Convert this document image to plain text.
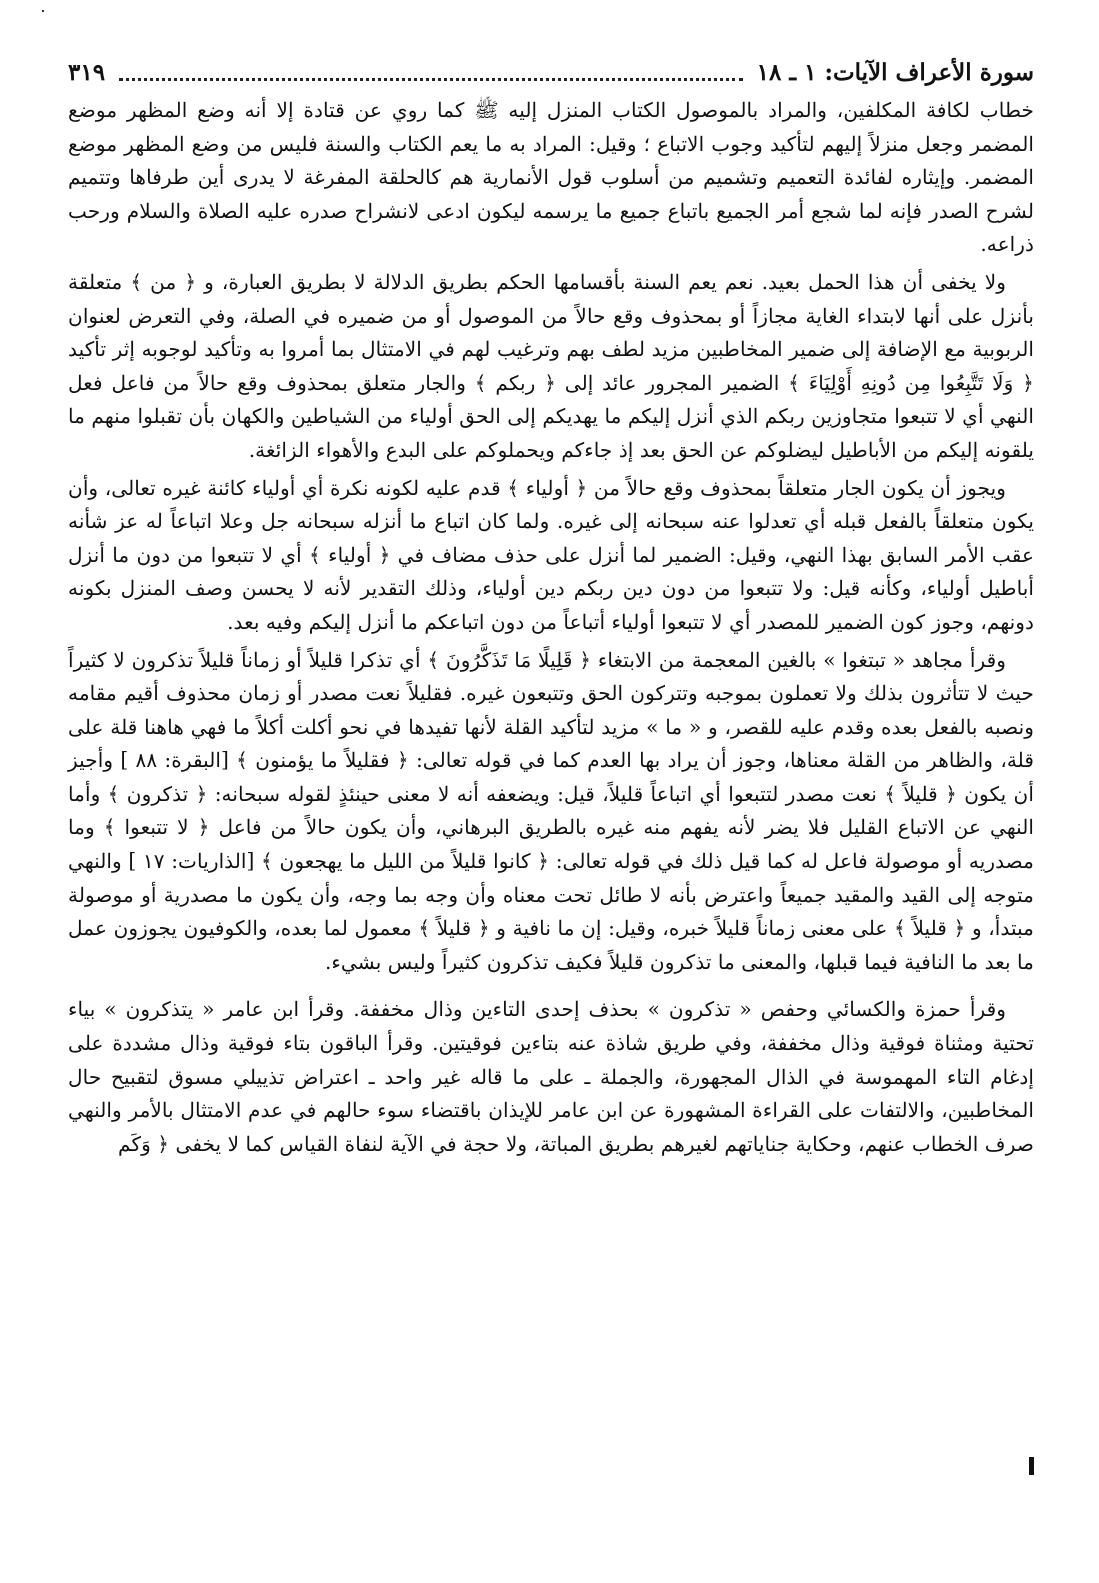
سورة الأعراف الآيات: ١ ـ ١٨
٣١٩

خطاب لكافة المكلفين، والمراد بالموصول الكتاب المنزل إليه ﷺ كما روي عن قتادة إلا أنه وضع المظهر موضع المضمر وجعل منزلاً إليهم لتأكيد وجوب الاتباع ؛ وقيل: المراد به ما يعم الكتاب والسنة فليس من وضع المظهر موضع المضمر. وإيثاره لفائدة التعميم وتشميم من أسلوب قول الأنمارية هم كالحلقة المفرغة لا يدرى أين طرفاها وتتميم لشرح الصدر فإنه لما شجع أمر الجميع باتباع جميع ما يرسمه ليكون ادعى لانشراح صدره عليه الصلاة والسلام ورحب ذراعه.

ولا يخفى أن هذا الحمل بعيد. نعم يعم السنة بأقسامها الحكم بطريق الدلالة لا بطريق العبارة، و ﴿ من ﴾ متعلقة بأنزل على أنها لابتداء الغاية مجازاً أو بمحذوف وقع حالاً من الموصول أو من ضميره في الصلة، وفي التعرض لعنوان الربوبية مع الإضافة إلى ضمير المخاطبين مزيد لطف بهم وترغيب لهم في الامتثال بما أمروا به وتأكيد لوجوبه إثر تأكيد ﴿ وَلَا تَتَّبِعُوا مِن دُونِهِ أَوْلِيَاءَ ﴾ الضمير المجرور عائد إلى ﴿ ربكم ﴾ والجار متعلق بمحذوف وقع حالاً من فاعل فعل النهي أي لا تتبعوا متجاوزين ربكم الذي أنزل إليكم ما يهديكم إلى الحق أولياء من الشياطين والكهان بأن تقبلوا منهم ما يلقونه إليكم من الأباطيل ليضلوكم عن الحق بعد إذ جاءكم ويحملوكم على البدع والأهواء الزائغة.

ويجوز أن يكون الجار متعلقاً بمحذوف وقع حالاً من ﴿ أولياء ﴾ قدم عليه لكونه نكرة أي أولياء كائنة غيره تعالى، وأن يكون متعلقاً بالفعل قبله أي تعدلوا عنه سبحانه إلى غيره. ولما كان اتباع ما أنزله سبحانه جل وعلا اتباعاً له عز شأنه عقب الأمر السابق بهذا النهي، وقيل: الضمير لما أنزل على حذف مضاف في ﴿ أولياء ﴾ أي لا تتبعوا من دون ما أنزل أباطيل أولياء، وكأنه قيل: ولا تتبعوا من دون دين ربكم دين أولياء، وذلك التقدير لأنه لا يحسن وصف المنزل بكونه دونهم، وجوز كون الضمير للمصدر أي لا تتبعوا أولياء أتباعاً من دون اتباعكم ما أنزل إليكم وفيه بعد.

وقرأ مجاهد « تبتغوا » بالغين المعجمة من الابتغاء ﴿ قَلِيلًا مَا تَذَكَّرُونَ ﴾ أي تذكرا قليلاً أو زماناً قليلاً تذكرون لا كثيراً حيث لا تتأثرون بذلك ولا تعملون بموجبه وتتركون الحق وتتبعون غيره. فقليلاً نعت مصدر أو زمان محذوف أقيم مقامه ونصبه بالفعل بعده وقدم عليه للقصر، و « ما » مزيد لتأكيد القلة لأنها تفيدها في نحو أكلت أكلاً ما فهي هاهنا قلة على قلة، والظاهر من القلة معناها، وجوز أن يراد بها العدم كما في قوله تعالى: ﴿ فقليلاً ما يؤمنون ﴾ [البقرة: ٨٨ ] وأجيز أن يكون ﴿ قليلاً ﴾ نعت مصدر لتتبعوا أي اتباعاً قليلاً، قيل: ويضعفه أنه لا معنى حينئذٍ لقوله سبحانه: ﴿ تذكرون ﴾ وأما النهي عن الاتباع القليل فلا يضر لأنه يفهم منه غيره بالطريق البرهاني، وأن يكون حالاً من فاعل ﴿ لا تتبعوا ﴾ وما مصدريه أو موصولة فاعل له كما قيل ذلك في قوله تعالى: ﴿ كانوا قليلاً من الليل ما يهجعون ﴾ [الذاريات: ١٧ ] والنهي متوجه إلى القيد والمقيد جميعاً واعترض بأنه لا طائل تحت معناه وأن وجه بما وجه، وأن يكون ما مصدرية أو موصولة مبتدأ، و ﴿ قليلاً ﴾ على معنى زماناً قليلاً خبره، وقيل: إن ما نافية و ﴿ قليلاً ﴾ معمول لما بعده، والكوفيون يجوزون عمل ما بعد ما النافية فيما قبلها، والمعنى ما تذكرون قليلاً فكيف تذكرون كثيراً وليس بشيء.

وقرأ حمزة والكسائي وحفص « تذكرون » بحذف إحدى التاءين وذال مخففة. وقرأ ابن عامر « يتذكرون » بياء تحتية ومثناة فوقية وذال مخففة، وفي طريق شاذة عنه بتاءين فوقيتين. وقرأ الباقون بتاء فوقية وذال مشددة على إدغام التاء المهموسة في الذال المجهورة، والجملة ـ على ما قاله غير واحد ـ اعتراض تذييلي مسوق لتقبيح حال المخاطبين، والالتفات على القراءة المشهورة عن ابن عامر للإيذان باقتضاء سوء حالهم في عدم الامتثال بالأمر والنهي صرف الخطاب عنهم، وحكاية جناياتهم لغيرهم بطريق المباتة، ولا حجة في الآية لنفاة القياس كما لا يخفى ﴿ وَكَم
